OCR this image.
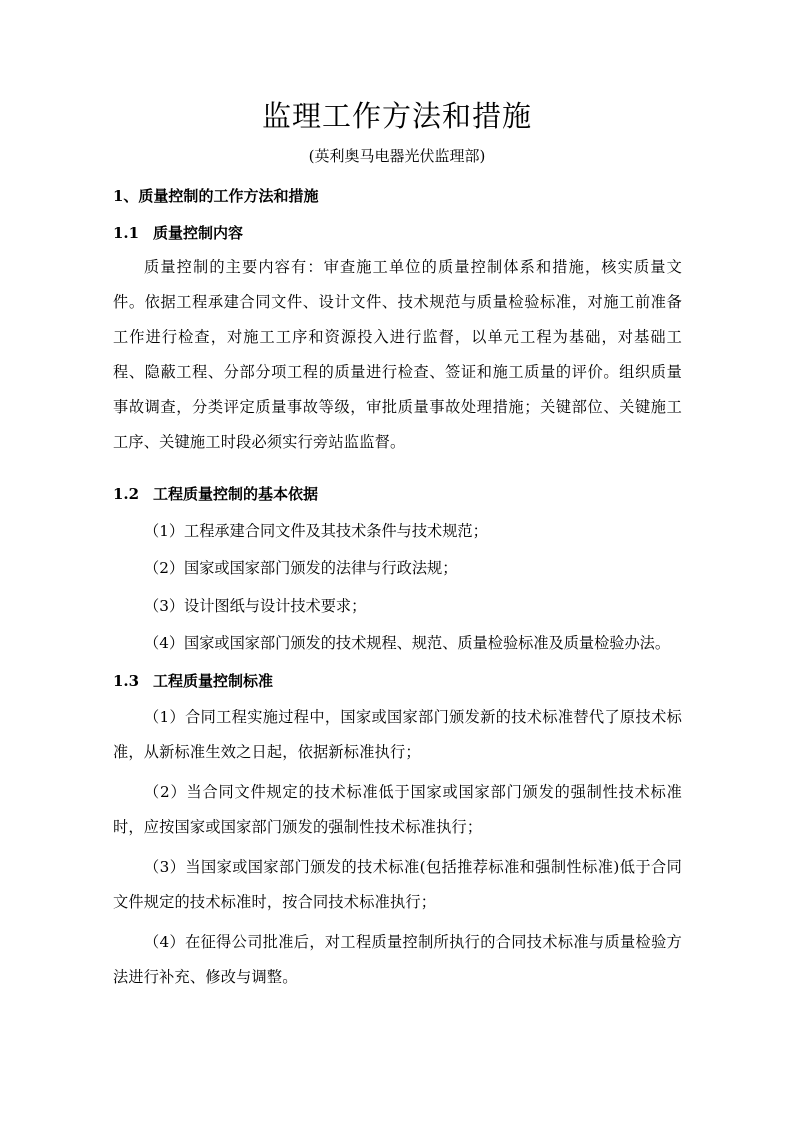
监理工作方法和措施
(英利奥马电器光伏监理部)
1、质量控制的工作方法和措施
1.1 质量控制内容

质量控制的主要内容有：审查施工单位的质量控制体系和措施，核实质量文件。依据工程承建合同文件、设计文件、技术规范与质量检验标准，对施工前准备工作进行检查，对施工工序和资源投入进行监督，以单元工程为基础，对基础工程、隐蔽工程、分部分项工程的质量进行检查、签证和施工质量的评价。组织质量事故调查，分类评定质量事故等级，审批质量事故处理措施；关键部位、关键施工工序、关键施工时段必须实行旁站监监督。

1.2 工程质量控制的基本依据
（1）工程承建合同文件及其技术条件与技术规范；
（2）国家或国家部门颁发的法律与行政法规；
（3）设计图纸与设计技术要求；
（4）国家或国家部门颁发的技术规程、规范、质量检验标准及质量检验办法。
1.3 工程质量控制标准

（1）合同工程实施过程中，国家或国家部门颁发新的技术标准替代了原技术标准，从新标准生效之日起，依据新标准执行；

（2）当合同文件规定的技术标准低于国家或国家部门颁发的强制性技术标准时，应按国家或国家部门颁发的强制性技术标准执行；

（3）当国家或国家部门颁发的技术标准(包括推荐标准和强制性标准)低于合同文件规定的技术标准时，按合同技术标准执行；

（4）在征得公司批准后，对工程质量控制所执行的合同技术标准与质量检验方法进行补充、修改与调整。
